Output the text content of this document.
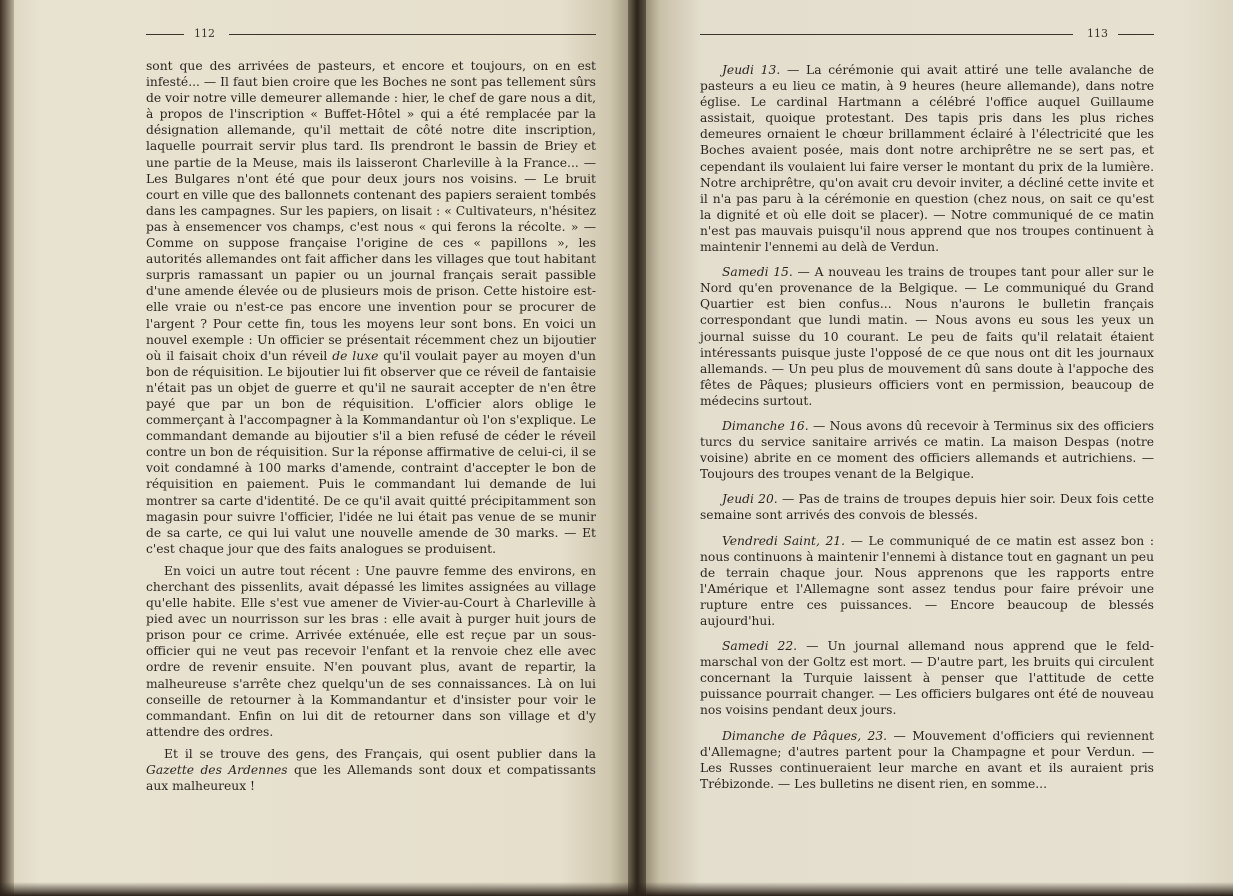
112

sont que des arrivées de pasteurs, et encore et toujours, on en est infesté... — Il faut bien croire que les Boches ne sont pas tellement sûrs de voir notre ville demeurer allemande : hier, le chef de gare nous a dit, à propos de l'inscription « Buffet-Hôtel » qui a été remplacée par la désignation allemande, qu'il mettait de côté notre dite inscription, laquelle pourrait servir plus tard. Ils prendront le bassin de Briey et une partie de la Meuse, mais ils laisseront Charleville à la France... — Les Bulgares n'ont été que pour deux jours nos voisins. — Le bruit court en ville que des ballonnets contenant des papiers seraient tombés dans les campagnes. Sur les papiers, on lisait : « Cultivateurs, n'hésitez pas à ensemencer vos champs, c'est nous « qui ferons la récolte. » — Comme on suppose française l'origine de ces « papillons », les autorités allemandes ont fait afficher dans les villages que tout habitant surpris ramassant un papier ou un journal français serait passible d'une amende élevée ou de plusieurs mois de prison. Cette histoire est-elle vraie ou n'est-ce pas encore une invention pour se procurer de l'argent ? Pour cette fin, tous les moyens leur sont bons. En voici un nouvel exemple : Un officier se présentait récemment chez un bijoutier où il faisait choix d'un réveil de luxe qu'il voulait payer au moyen d'un bon de réquisition. Le bijoutier lui fit observer que ce réveil de fantaisie n'était pas un objet de guerre et qu'il ne saurait accepter de n'en être payé que par un bon de réquisition. L'officier alors oblige le commerçant à l'accompagner à la Kommandantur où l'on s'explique. Le commandant demande au bijoutier s'il a bien refusé de céder le réveil contre un bon de réquisition. Sur la réponse affirmative de celui-ci, il se voit condamné à 100 marks d'amende, contraint d'accepter le bon de réquisition en paiement. Puis le commandant lui demande de lui montrer sa carte d'identité. De ce qu'il avait quitté précipitamment son magasin pour suivre l'officier, l'idée ne lui était pas venue de se munir de sa carte, ce qui lui valut une nouvelle amende de 30 marks. — Et c'est chaque jour que des faits analogues se produisent.

En voici un autre tout récent : Une pauvre femme des environs, en cherchant des pissenlits, avait dépassé les limites assignées au village qu'elle habite. Elle s'est vue amener de Vivier-au-Court à Charleville à pied avec un nourrisson sur les bras : elle avait à purger huit jours de prison pour ce crime. Arrivée exténuée, elle est reçue par un sous-officier qui ne veut pas recevoir l'enfant et la renvoie chez elle avec ordre de revenir ensuite. N'en pouvant plus, avant de repartir, la malheureuse s'arrête chez quelqu'un de ses connaissances. Là on lui conseille de retourner à la Kommandantur et d'insister pour voir le commandant. Enfin on lui dit de retourner dans son village et d'y attendre des ordres.

Et il se trouve des gens, des Français, qui osent publier dans la Gazette des Ardennes que les Allemands sont doux et compatissants aux malheureux !

113

Jeudi 13. — La cérémonie qui avait attiré une telle avalanche de pasteurs a eu lieu ce matin, à 9 heures (heure allemande), dans notre église. Le cardinal Hartmann a célébré l'office auquel Guillaume assistait, quoique protestant. Des tapis pris dans les plus riches demeures ornaient le chœur brillamment éclairé à l'électricité que les Boches avaient posée, mais dont notre archiprêtre ne se sert pas, et cependant ils voulaient lui faire verser le montant du prix de la lumière. Notre archiprêtre, qu'on avait cru devoir inviter, a décliné cette invite et il n'a pas paru à la cérémonie en question (chez nous, on sait ce qu'est la dignité et où elle doit se placer). — Notre communiqué de ce matin n'est pas mauvais puisqu'il nous apprend que nos troupes continuent à maintenir l'ennemi au delà de Verdun.

Samedi 15. — A nouveau les trains de troupes tant pour aller sur le Nord qu'en provenance de la Belgique. — Le communiqué du Grand Quartier est bien confus... Nous n'aurons le bulletin français correspondant que lundi matin. — Nous avons eu sous les yeux un journal suisse du 10 courant. Le peu de faits qu'il relatait étaient intéressants puisque juste l'opposé de ce que nous ont dit les journaux allemands. — Un peu plus de mouvement dû sans doute à l'appoche des fêtes de Pâques; plusieurs officiers vont en permission, beaucoup de médecins surtout.

Dimanche 16. — Nous avons dû recevoir à Terminus six des officiers turcs du service sanitaire arrivés ce matin. La maison Despas (notre voisine) abrite en ce moment des officiers allemands et autrichiens. — Toujours des troupes venant de la Belgique.

Jeudi 20. — Pas de trains de troupes depuis hier soir. Deux fois cette semaine sont arrivés des convois de blessés.

Vendredi Saint, 21. — Le communiqué de ce matin est assez bon : nous continuons à maintenir l'ennemi à distance tout en gagnant un peu de terrain chaque jour. Nous apprenons que les rapports entre l'Amérique et l'Allemagne sont assez tendus pour faire prévoir une rupture entre ces puissances. — Encore beaucoup de blessés aujourd'hui.

Samedi 22. — Un journal allemand nous apprend que le feld-marschal von der Goltz est mort. — D'autre part, les bruits qui circulent concernant la Turquie laissent à penser que l'attitude de cette puissance pourrait changer. — Les officiers bulgares ont été de nouveau nos voisins pendant deux jours.

Dimanche de Pâques, 23. — Mouvement d'officiers qui reviennent d'Allemagne; d'autres partent pour la Champagne et pour Verdun. — Les Russes continueraient leur marche en avant et ils auraient pris Trébizonde. — Les bulletins ne disent rien, en somme...
